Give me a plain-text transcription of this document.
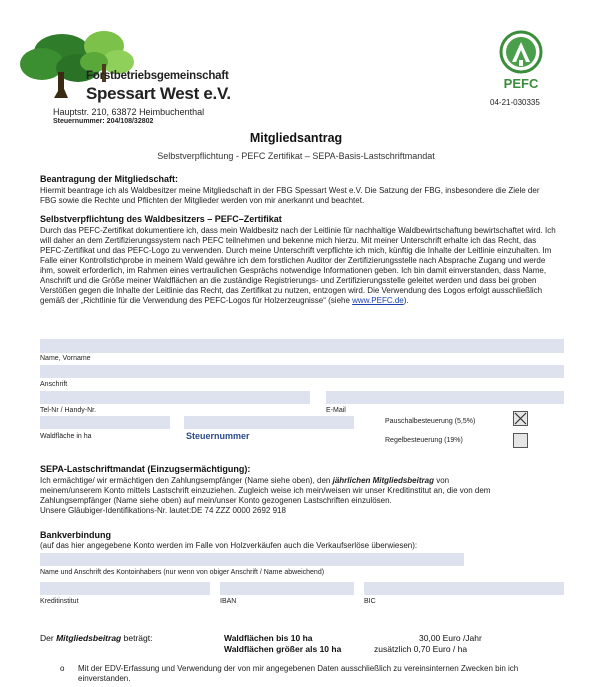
Forstbetriebsgemeinschaft
Spessart West e.V.
Hauptstr. 210, 63872 Heimbuchenthal
Steuernummer: 204/108/32802
PEFC
04-21-030335
Mitgliedsantrag
Selbstverpflichtung - PEFC Zertifikat – SEPA-Basis-Lastschriftmandat
Beantragung der Mitgliedschaft:
Hiermit beantrage ich als Waldbesitzer meine Mitgliedschaft in der FBG Spessart West e.V. Die Satzung der FBG, insbesondere die Ziele der FBG sowie die Rechte und Pflichten der Mitglieder werden von mir anerkannt und beachtet.
Selbstverpflichtung des Waldbesitzers – PEFC–Zertifikat
Durch das PEFC-Zertifikat dokumentiere ich, dass mein Waldbesitz nach der Leitlinie für nachhaltige Waldbewirtschaftung bewirtschaftet wird. Ich will daher an dem Zertifizierungssystem nach PEFC teilnehmen und bekenne mich hierzu. Mit meiner Unterschrift erhalte ich das Recht, das PEFC-Zertifikat und das PEFC-Logo zu verwenden. Durch meine Unterschrift verpflichte ich mich, künftig die Inhalte der Leitlinie einzuhalten. Im Falle einer Kontrollstichprobe in meinem Wald gewähre ich dem forstlichen Auditor der Zertifizierungsstelle nach Absprache Zugang und werde ihm, soweit erforderlich, im Rahmen eines vertraulichen Gesprächs notwendige Informationen geben. Ich bin damit einverstanden, dass Name, Anschrift und die Größe meiner Waldflächen an die zuständige Registrierungs- und Zertifizierungsstelle geleitet werden und dass bei groben Verstößen gegen die Inhalte der Leitlinie das Recht, das Zertifikat zu nutzen, entzogen wird. Die Verwendung des Logos erfolgt ausschließlich gemäß der „Richtlinie für die Verwendung des PEFC-Logos für Holzerzeugnisse“ (siehe www.PEFC.de).
Name, Vorname
Anschrift
Tel-Nr / Handy-Nr.	E-Mail
Pauschalbesteuerung (5,5%)
Waldfläche in ha	Steuernummer	Regelbesteuerung (19%)
SEPA-Lastschriftmandat (Einzugsermächtigung):
Ich ermächtige/ wir ermächtigen den Zahlungsempfänger (Name siehe oben), den jährlichen Mitgliedsbeitrag von
meinem/unserem Konto mittels Lastschrift einzuziehen. Zugleich weise ich mein/weisen wir unser Kreditinstitut an, die von dem
Zahlungsempfänger (Name siehe oben) auf mein/unser Konto gezogenen Lastschriften einzulösen.
Unsere Gläubiger-Identifikations-Nr. lautet:DE 74 ZZZ 0000 2692 918
Bankverbindung
(auf das hier angegebene Konto werden im Falle von Holzverkäufen auch die Verkaufserlöse überwiesen):
Name und Anschrift des Kontoinhabers (nur wenn von obiger Anschrift / Name abweichend)
Kreditinstitut	IBAN	BIC
Der Mitgliedsbeitrag beträgt:	Waldflächen bis 10 ha	30,00 Euro /Jahr
Waldflächen größer als 10 ha	zusätzlich 0,70 Euro / ha
o Mit der EDV-Erfassung und Verwendung der von mir angegebenen Daten ausschließlich zu vereinsinternen Zwecken bin ich einverstanden.
